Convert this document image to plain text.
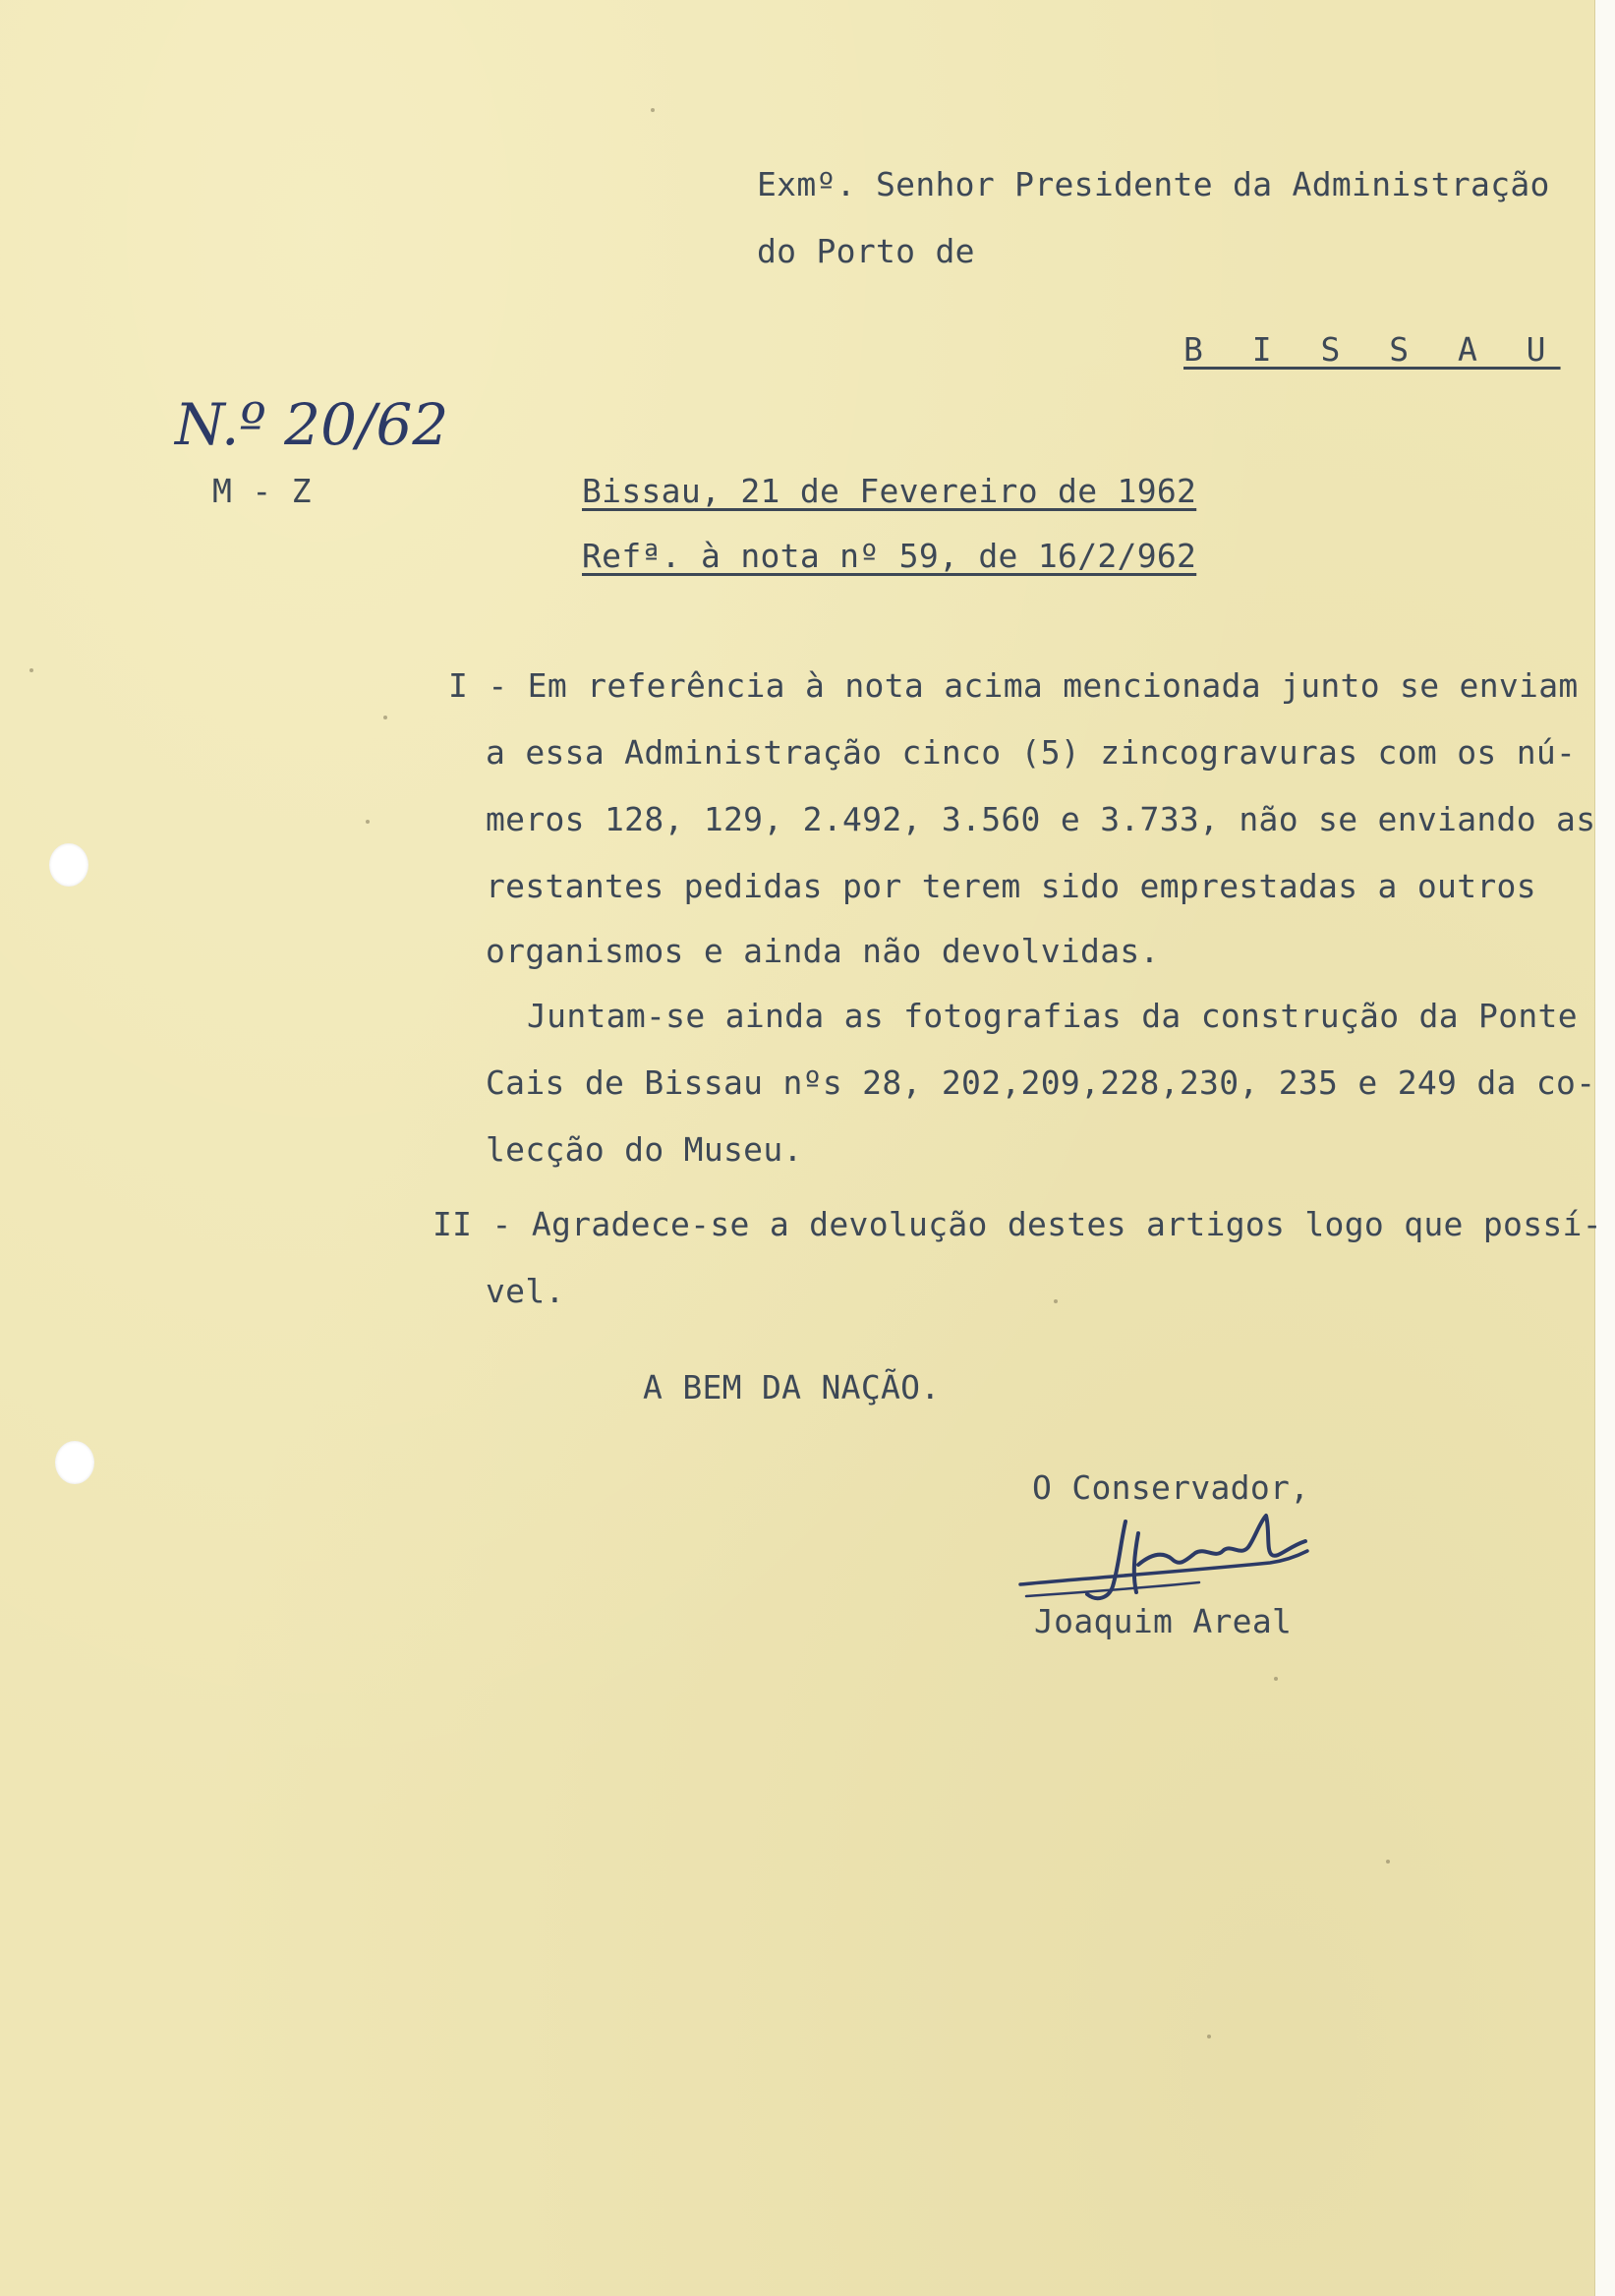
Exmº. Senhor Presidente da Administração
do Porto de
B I S S A U
N.º 20/62
M - Z	Bissau, 21 de Fevereiro de 1962
Refª. à nota nº 59, de 16/2/962
I - Em referência à nota acima mencionada junto se enviam
a essa Administração cinco (5) zincogravuras com os nú-
meros 128, 129, 2.492, 3.560 e 3.733, não se enviando as
restantes pedidas por terem sido emprestadas a outros
organismos e ainda não devolvidas.
Juntam-se ainda as fotografias da construção da Ponte
Cais de Bissau nºs 28, 202,209,228,230, 235 e 249 da co-
lecção do Museu.
II - Agradece-se a devolução destes artigos logo que possí-
vel.
A BEM DA NAÇÃO.
O Conservador,
Joaquim Areal
